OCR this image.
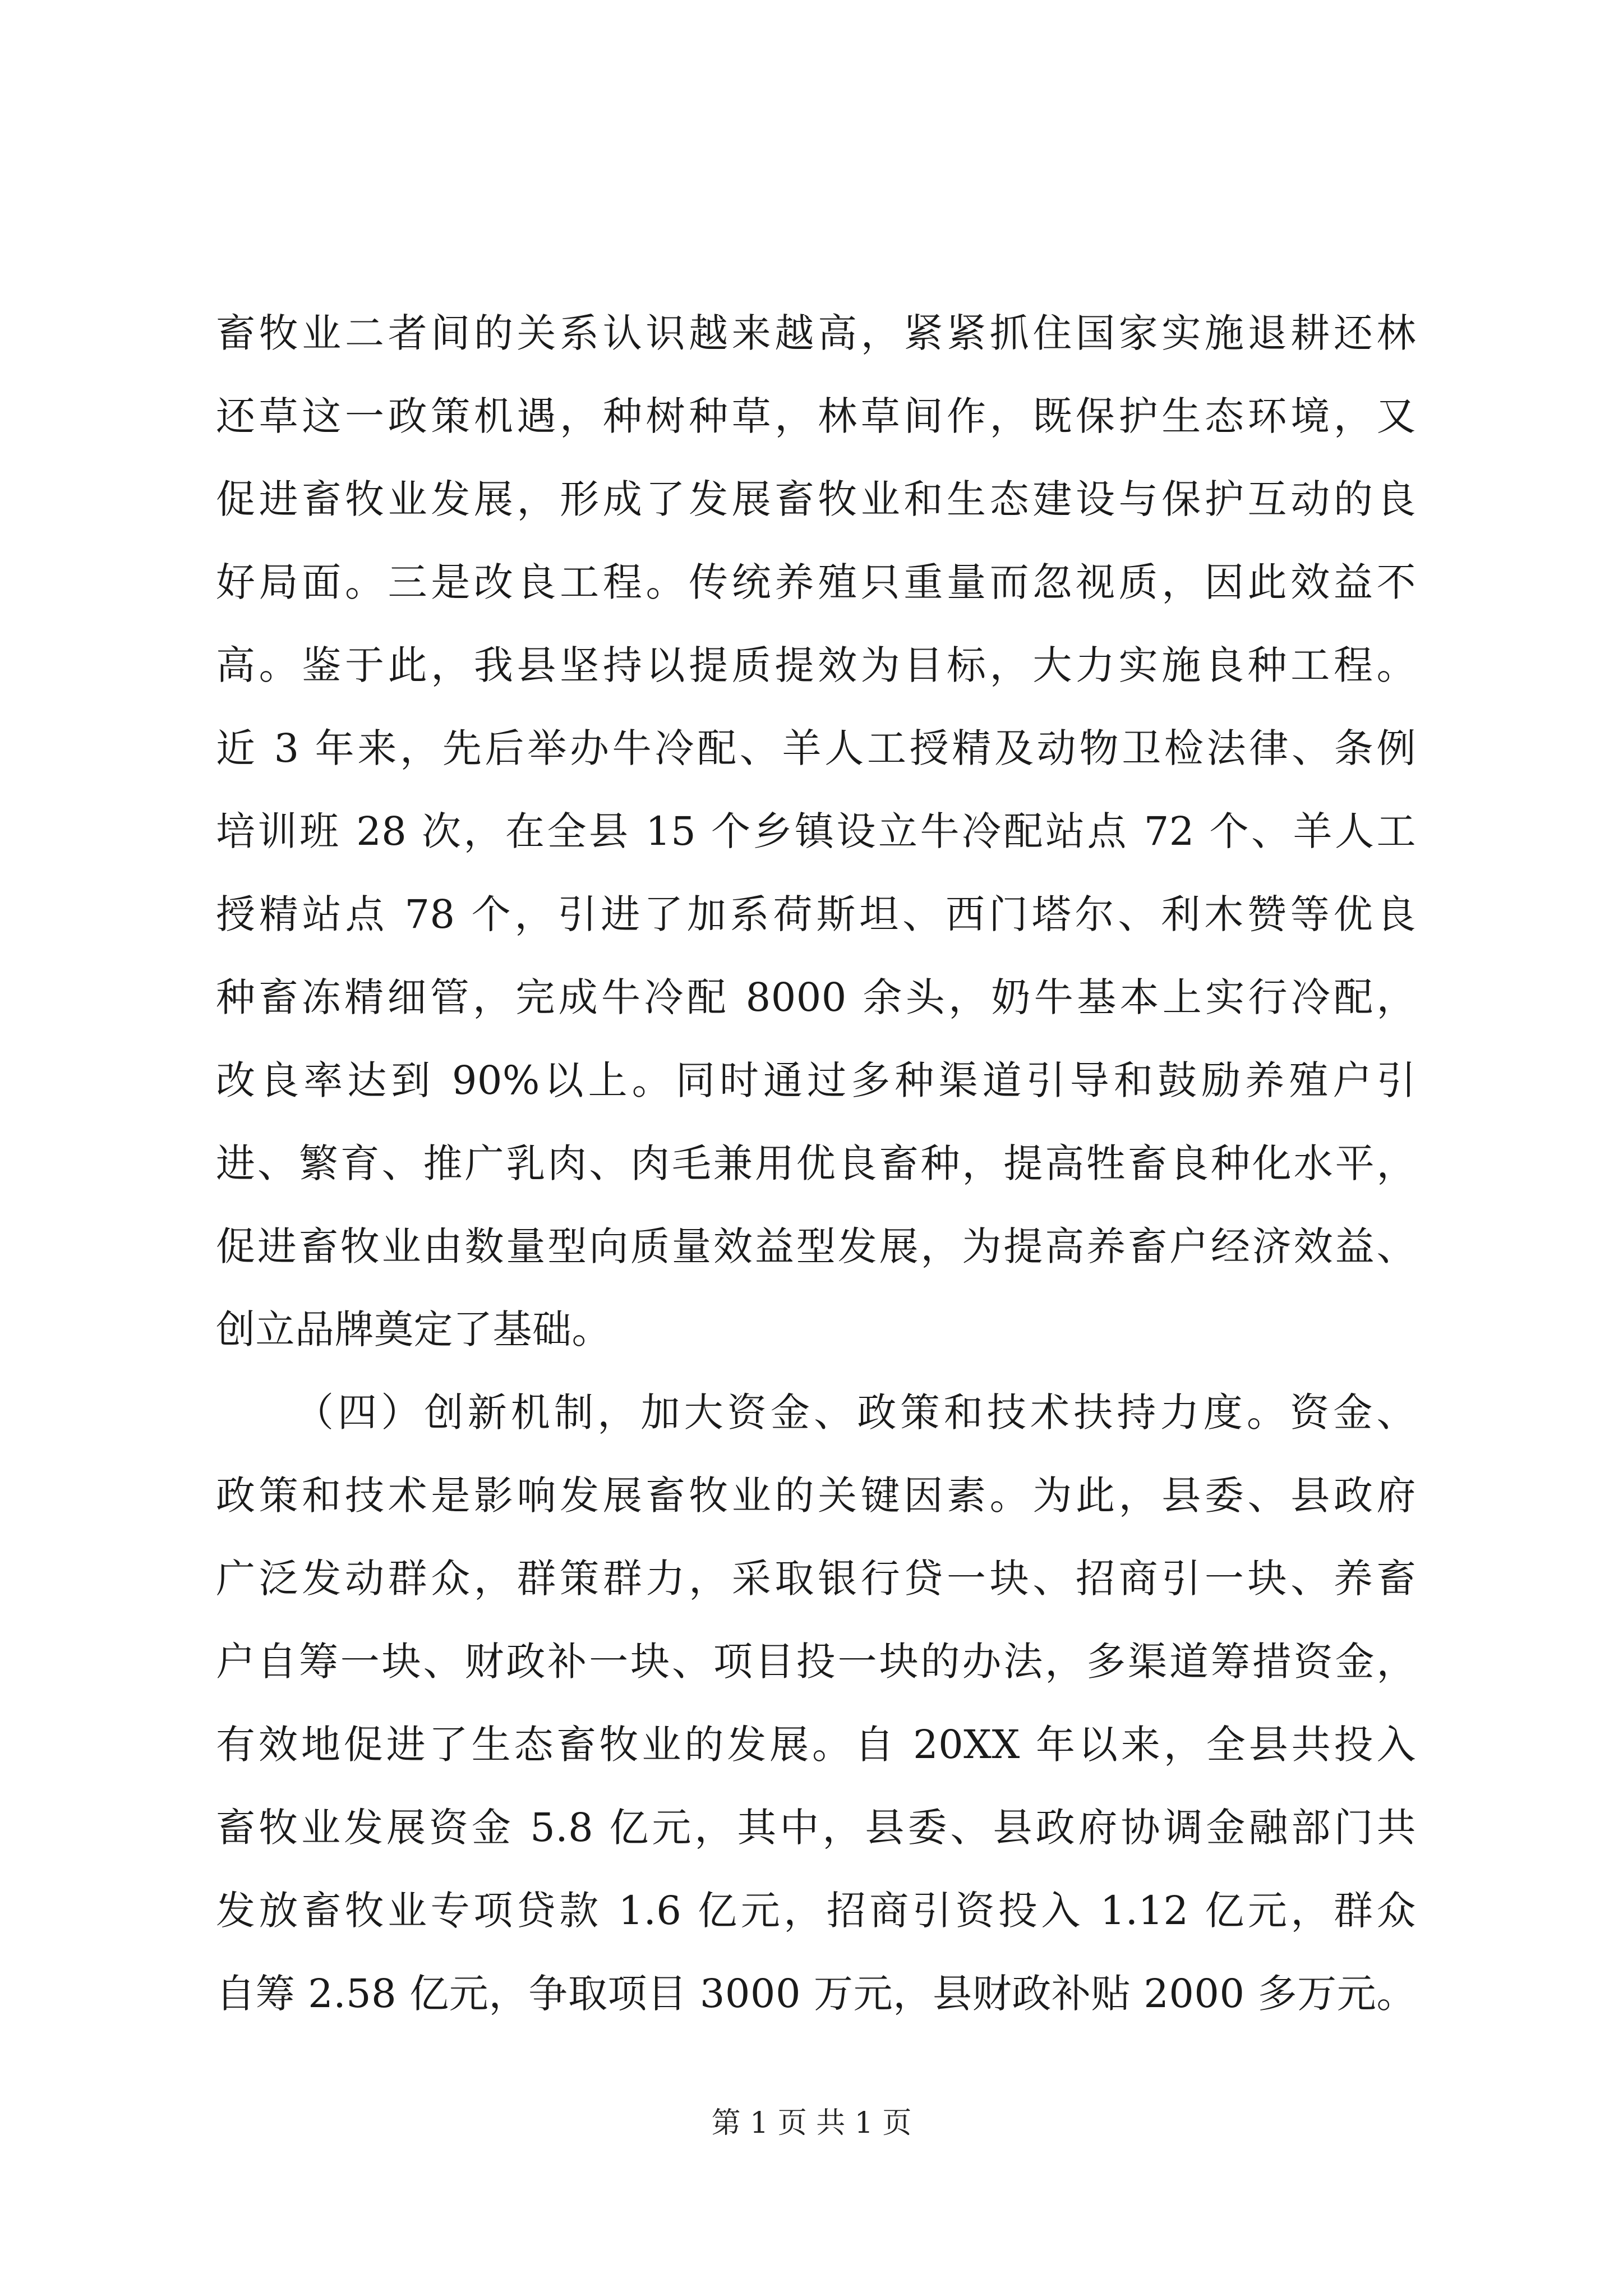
畜牧业二者间的关系认识越来越高，紧紧抓住国家实施退耕还林
还草这一政策机遇，种树种草，林草间作，既保护生态环境，又
促进畜牧业发展，形成了发展畜牧业和生态建设与保护互动的良
好局面。三是改良工程。传统养殖只重量而忽视质，因此效益不
高。鉴于此，我县坚持以提质提效为目标，大力实施良种工程。
近 3 年来，先后举办牛冷配、羊人工授精及动物卫检法律、条例
培训班 28 次，在全县 15 个乡镇设立牛冷配站点 72 个、羊人工
授精站点 78 个，引进了加系荷斯坦、西门塔尔、利木赞等优良
种畜冻精细管，完成牛冷配 8000 余头，奶牛基本上实行冷配，
改良率达到 90%以上。同时通过多种渠道引导和鼓励养殖户引
进、繁育、推广乳肉、肉毛兼用优良畜种，提高牲畜良种化水平，
促进畜牧业由数量型向质量效益型发展，为提高养畜户经济效益、
创立品牌奠定了基础。
（四）创新机制，加大资金、政策和技术扶持力度。资金、
政策和技术是影响发展畜牧业的关键因素。为此，县委、县政府
广泛发动群众，群策群力，采取银行贷一块、招商引一块、养畜
户自筹一块、财政补一块、项目投一块的办法，多渠道筹措资金，
有效地促进了生态畜牧业的发展。自 20XX 年以来，全县共投入
畜牧业发展资金 5.8 亿元，其中，县委、县政府协调金融部门共
发放畜牧业专项贷款 1.6 亿元，招商引资投入 1.12 亿元，群众
自筹 2.58 亿元，争取项目 3000 万元，县财政补贴 2000 多万元。
第 1 页 共 1 页
